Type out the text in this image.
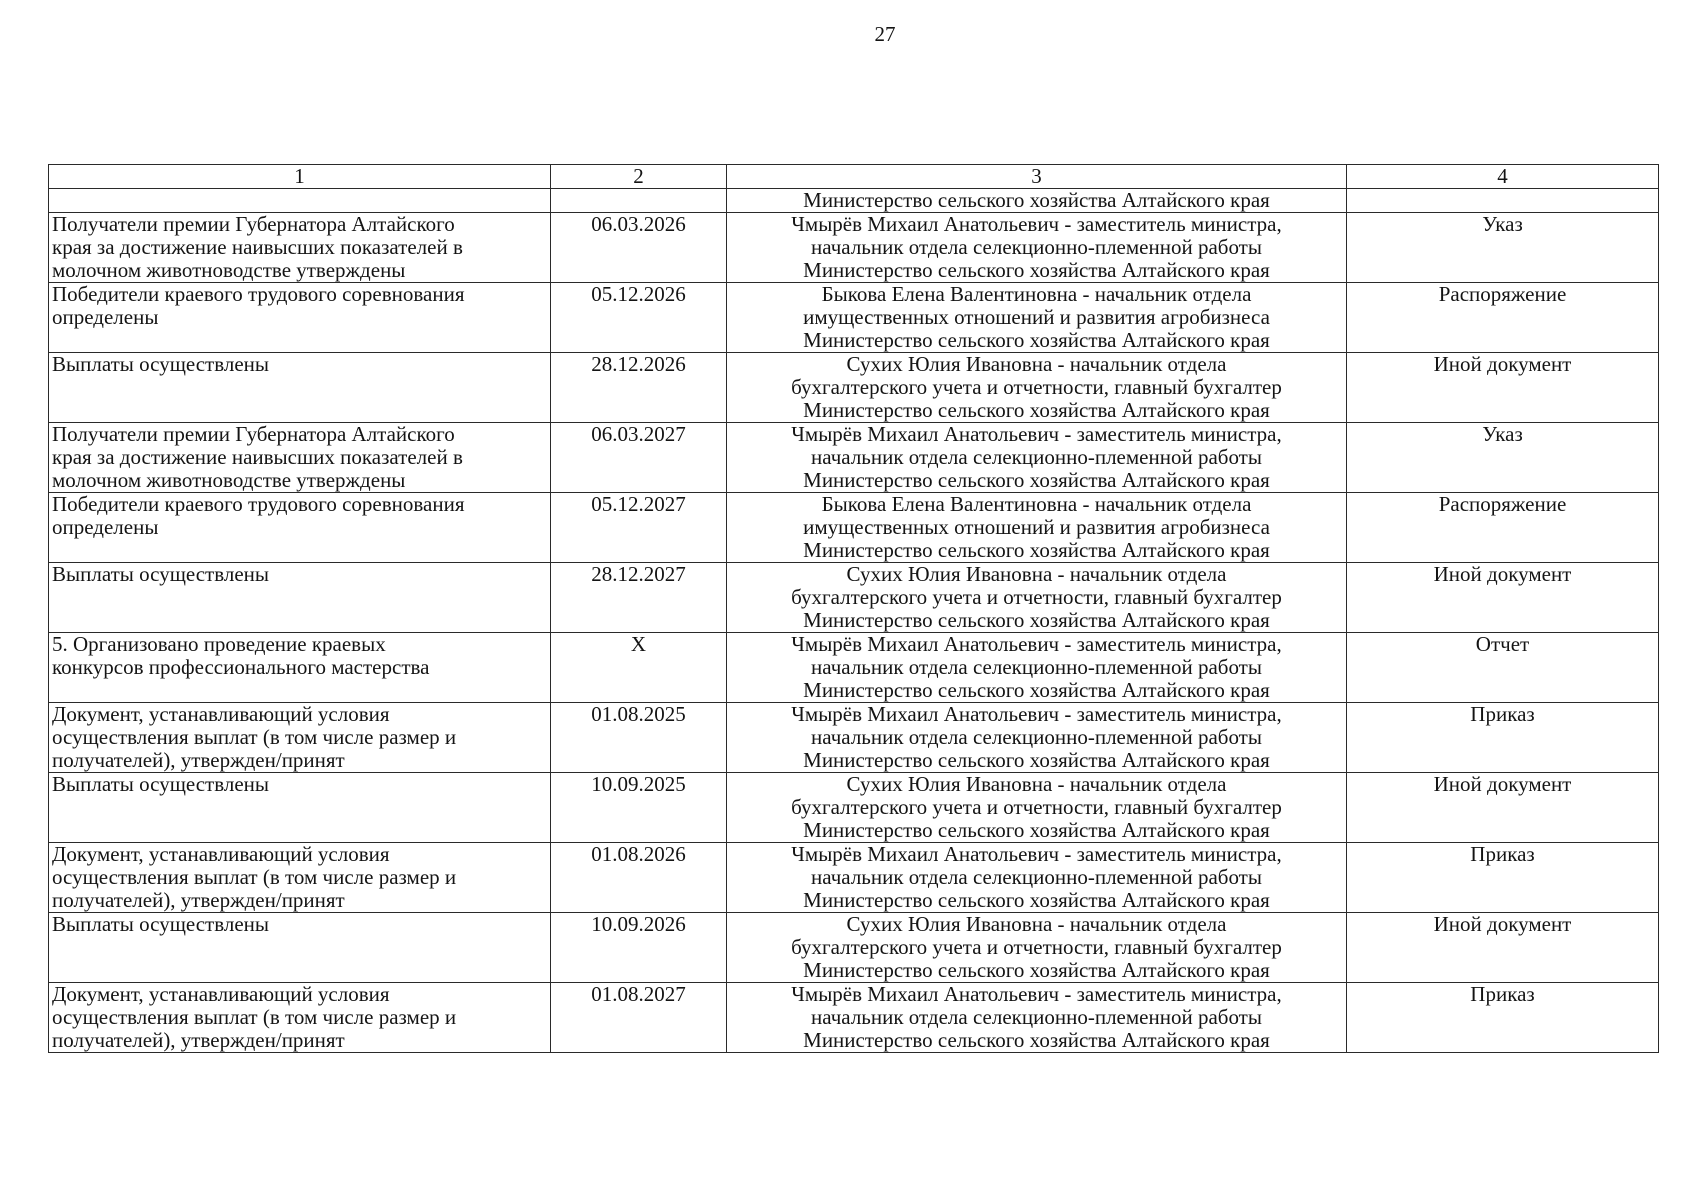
27
1	2	3	4

		Министерство сельского хозяйства Алтайского края	

Получатели премии Губернатора Алтайского
края за достижение наивысших показателей в
молочном животноводстве утверждены	06.03.2026	Чмырёв Михаил Анатольевич - заместитель министра,
начальник отдела селекционно-племенной работы
Министерство сельского хозяйства Алтайского края	Указ

Победители краевого трудового соревнования
определены	05.12.2026	Быкова Елена Валентиновна - начальник отдела
имущественных отношений и развития агробизнеса
Министерство сельского хозяйства Алтайского края	Распоряжение

Выплаты осуществлены	28.12.2026	Сухих Юлия Ивановна - начальник отдела
бухгалтерского учета и отчетности, главный бухгалтер
Министерство сельского хозяйства Алтайского края	Иной документ

Получатели премии Губернатора Алтайского
края за достижение наивысших показателей в
молочном животноводстве утверждены	06.03.2027	Чмырёв Михаил Анатольевич - заместитель министра,
начальник отдела селекционно-племенной работы
Министерство сельского хозяйства Алтайского края	Указ

Победители краевого трудового соревнования
определены	05.12.2027	Быкова Елена Валентиновна - начальник отдела
имущественных отношений и развития агробизнеса
Министерство сельского хозяйства Алтайского края	Распоряжение

Выплаты осуществлены	28.12.2027	Сухих Юлия Ивановна - начальник отдела
бухгалтерского учета и отчетности, главный бухгалтер
Министерство сельского хозяйства Алтайского края	Иной документ

5. Организовано проведение краевых
конкурсов профессионального мастерства	X	Чмырёв Михаил Анатольевич - заместитель министра,
начальник отдела селекционно-племенной работы
Министерство сельского хозяйства Алтайского края	Отчет

Документ, устанавливающий условия
осуществления выплат (в том числе размер и
получателей), утвержден/принят	01.08.2025	Чмырёв Михаил Анатольевич - заместитель министра,
начальник отдела селекционно-племенной работы
Министерство сельского хозяйства Алтайского края	Приказ

Выплаты осуществлены	10.09.2025	Сухих Юлия Ивановна - начальник отдела
бухгалтерского учета и отчетности, главный бухгалтер
Министерство сельского хозяйства Алтайского края	Иной документ

Документ, устанавливающий условия
осуществления выплат (в том числе размер и
получателей), утвержден/принят	01.08.2026	Чмырёв Михаил Анатольевич - заместитель министра,
начальник отдела селекционно-племенной работы
Министерство сельского хозяйства Алтайского края	Приказ

Выплаты осуществлены	10.09.2026	Сухих Юлия Ивановна - начальник отдела
бухгалтерского учета и отчетности, главный бухгалтер
Министерство сельского хозяйства Алтайского края	Иной документ

Документ, устанавливающий условия
осуществления выплат (в том числе размер и
получателей), утвержден/принят	01.08.2027	Чмырёв Михаил Анатольевич - заместитель министра,
начальник отдела селекционно-племенной работы
Министерство сельского хозяйства Алтайского края	Приказ
